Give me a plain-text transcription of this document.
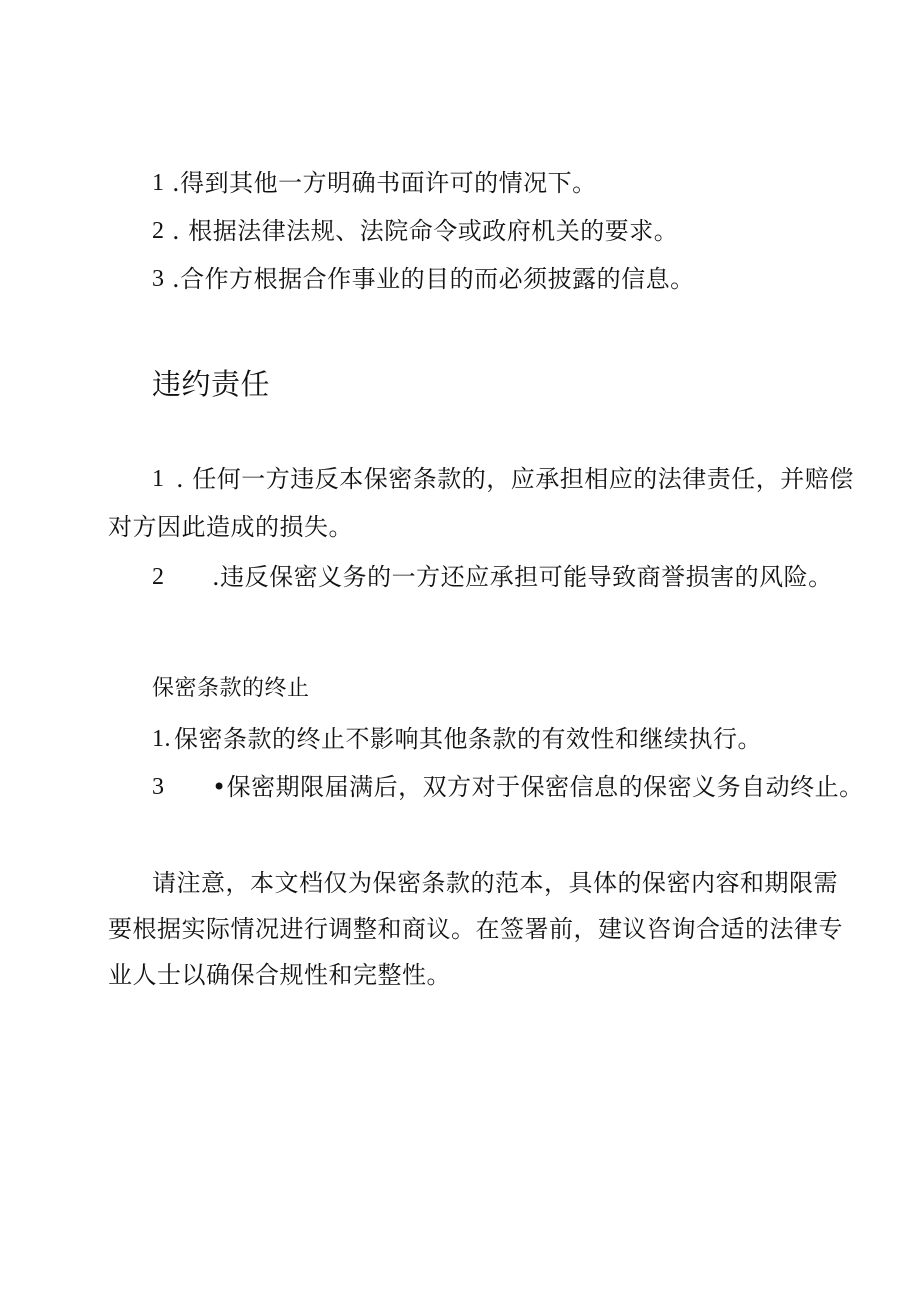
1 .得到其他一方明确书面许可的情况下。
2 . 根据法律法规、法院命令或政府机关的要求。
3 .合作方根据合作事业的目的而必须披露的信息。
违约责任
1 . 任何一方违反本保密条款的，应承担相应的法律责任，并赔偿
对方因此造成的损失。
2 .违反保密义务的一方还应承担可能导致商誉损害的风险。
保密条款的终止
1. 保密条款的终止不影响其他条款的有效性和继续执行。
3 •保密期限届满后，双方对于保密信息的保密义务自动终止。
请注意，本文档仅为保密条款的范本，具体的保密内容和期限需
要根据实际情况进行调整和商议。在签署前，建议咨询合适的法律专
业人士以确保合规性和完整性。
